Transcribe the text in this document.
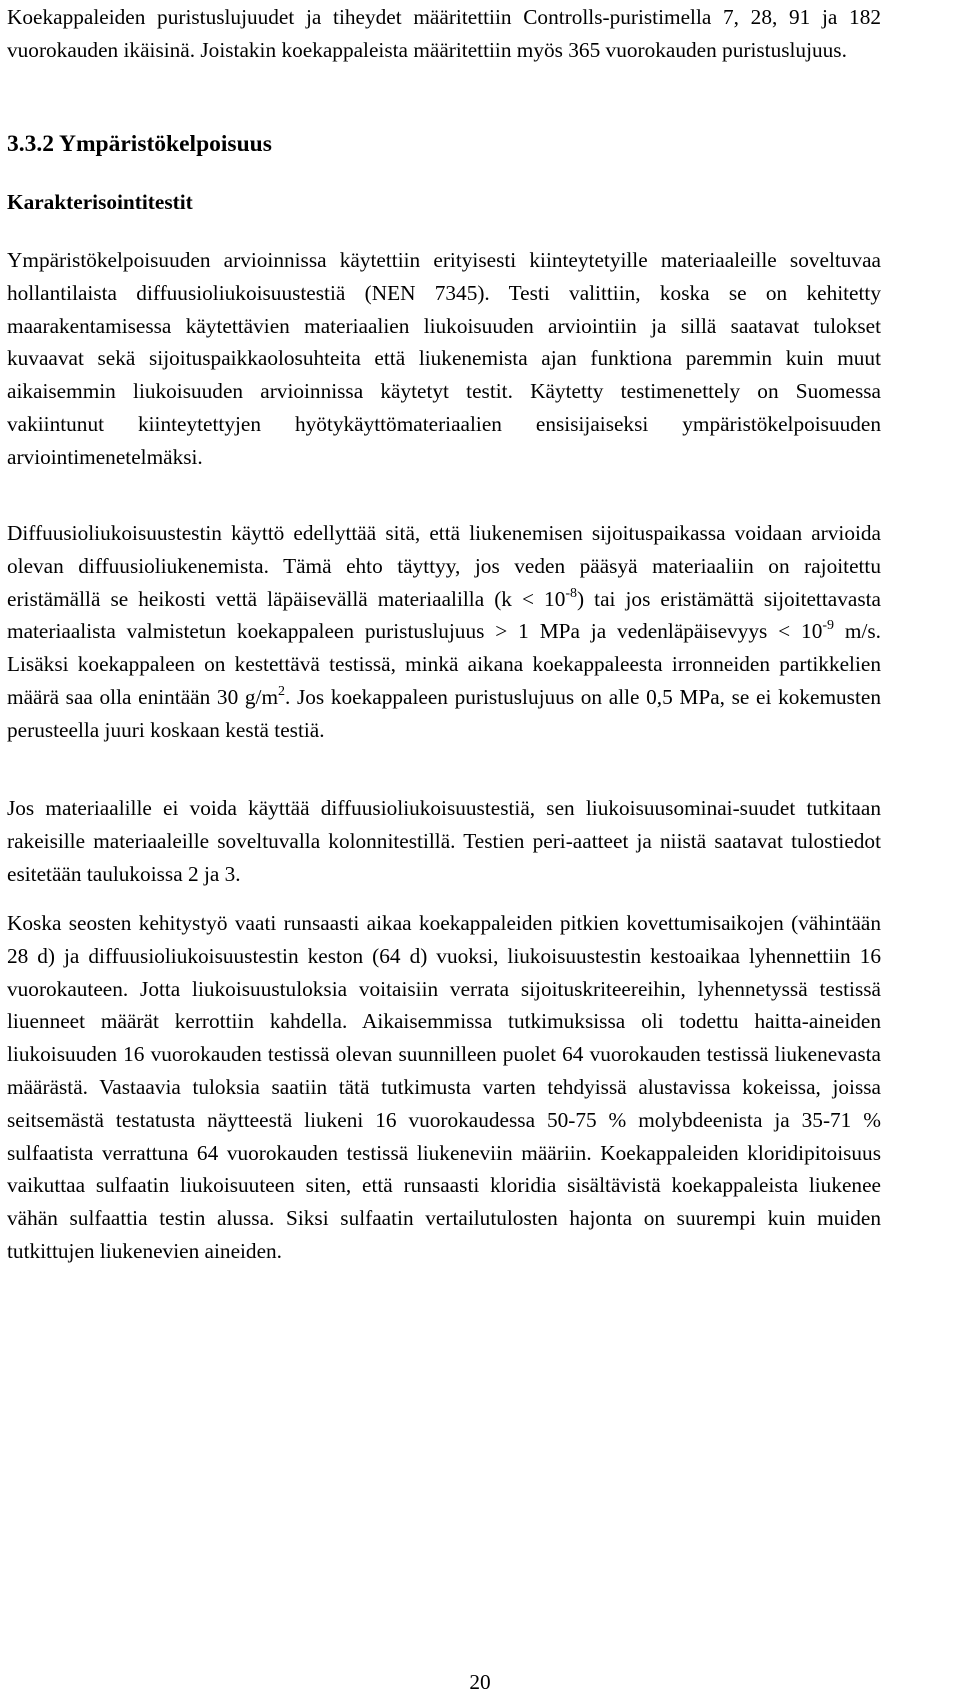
Koekappaleiden puristuslujuudet ja tiheydet määritettiin Controlls-puristimella 7, 28, 91 ja 182 vuorokauden ikäisinä. Joistakin koekappaleista määritettiin myös 365 vuorokauden puristuslujuus.

3.3.2 Ympäristökelpoisuus
Karakterisointitestit

Ympäristökelpoisuuden arvioinnissa käytettiin erityisesti kiinteytetyille materiaaleille soveltuvaa hollantilaista diffuusioliukoisuustestiä (NEN 7345). Testi valittiin, koska se on kehitetty maarakentamisessa käytettävien materiaalien liukoisuuden arviointiin ja sillä saatavat tulokset kuvaavat sekä sijoituspaikkaolosuhteita että liukenemista ajan funktiona paremmin kuin muut aikaisemmin liukoisuuden arvioinnissa käytetyt testit. Käytetty testimenettely on Suomessa vakiintunut kiinteytettyjen hyötykäyttömateriaalien ensisijaiseksi ympäristökelpoisuuden arviointimenetelmäksi.

Diffuusioliukoisuustestin käyttö edellyttää sitä, että liukenemisen sijoituspaikassa voidaan arvioida olevan diffuusioliukenemista. Tämä ehto täyttyy, jos veden pääsyä materiaaliin on rajoitettu eristämällä se heikosti vettä läpäisevällä materiaalilla $(k < 10^{-8})$ tai jos eristämättä sijoitettavasta materiaalista valmistetun koekappaleen puristuslujuus > 1 MPa ja vedenläpäisevyys < $10^{-9}$ m/s. Lisäksi koekappaleen on kestettävä testissä, minkä aikana koekappaleesta irronneiden partikkelien määrä saa olla enintään 30 $g/m^2$. Jos koekappaleen puristuslujuus on alle 0,5 MPa, se ei kokemusten perusteella juuri koskaan kestä testiä.

Jos materiaalille ei voida käyttää diffuusioliukoisuustestiä, sen liukoisuusominai-suudet tutkitaan rakeisille materiaaleille soveltuvalla kolonnitestillä. Testien peri-aatteet ja niistä saatavat tulostiedot esitetään taulukoissa 2 ja 3.

Koska seosten kehitystyö vaati runsaasti aikaa koekappaleiden pitkien kovettumisaikojen (vähintään 28 d) ja diffuusioliukoisuustestin keston (64 d) vuoksi, liukoisuustestin kestoaikaa lyhennettiin 16 vuorokauteen. Jotta liukoisuustuloksia voitaisiin verrata sijoituskriteereihin, lyhennetyssä testissä liuenneet määrät kerrottiin kahdella. Aikaisemmissa tutkimuksissa oli todettu haitta-aineiden liukoisuuden 16 vuorokauden testissä olevan suunnilleen puolet 64 vuorokauden testissä liukenevasta määrästä. Vastaavia tuloksia saatiin tätä tutkimusta varten tehdyissä alustavissa kokeissa, joissa seitsemästä testatusta näytteestä liukeni 16 vuorokaudessa 50-75 % molybdeenista ja 35-71 % sulfaatista verrattuna 64 vuorokauden testissä liukeneviin määriin. Koekappaleiden kloridipitoisuus vaikuttaa sulfaatin liukoisuuteen siten, että runsaasti kloridia sisältävistä koekappaleista liukenee vähän sulfaattia testin alussa. Siksi sulfaatin vertailutulosten hajonta on suurempi kuin muiden tutkittujen liukenevien aineiden.

20
